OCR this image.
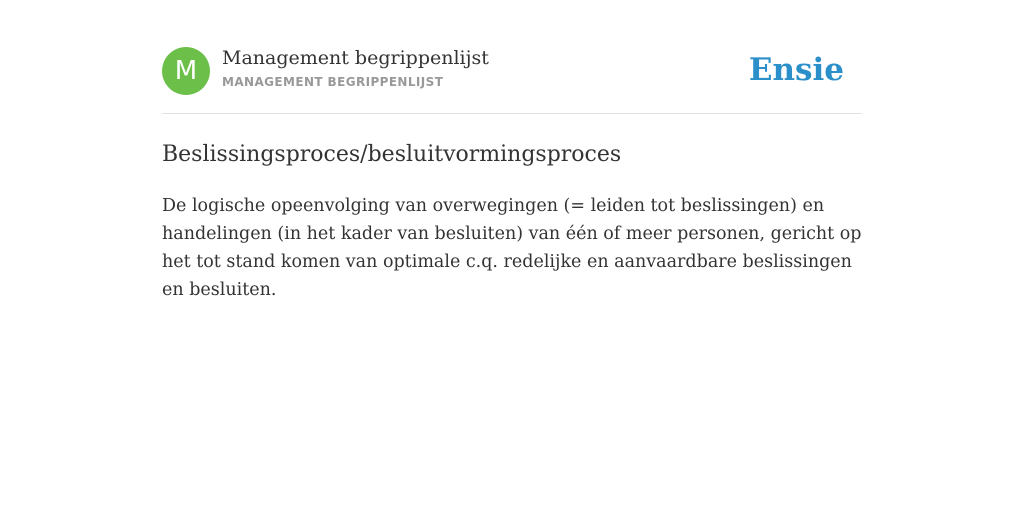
M	Management begrippenlijst
MANAGEMENT BEGRIPPENLIJST	Ensie
Beslissingsproces/besluitvormingsproces

De logische opeenvolging van overwegingen (= leiden tot beslissingen) en handelingen (in het kader van besluiten) van één of meer personen, gericht op het tot stand komen van optimale c.q. redelijke en aanvaardbare beslissingen en besluiten.
